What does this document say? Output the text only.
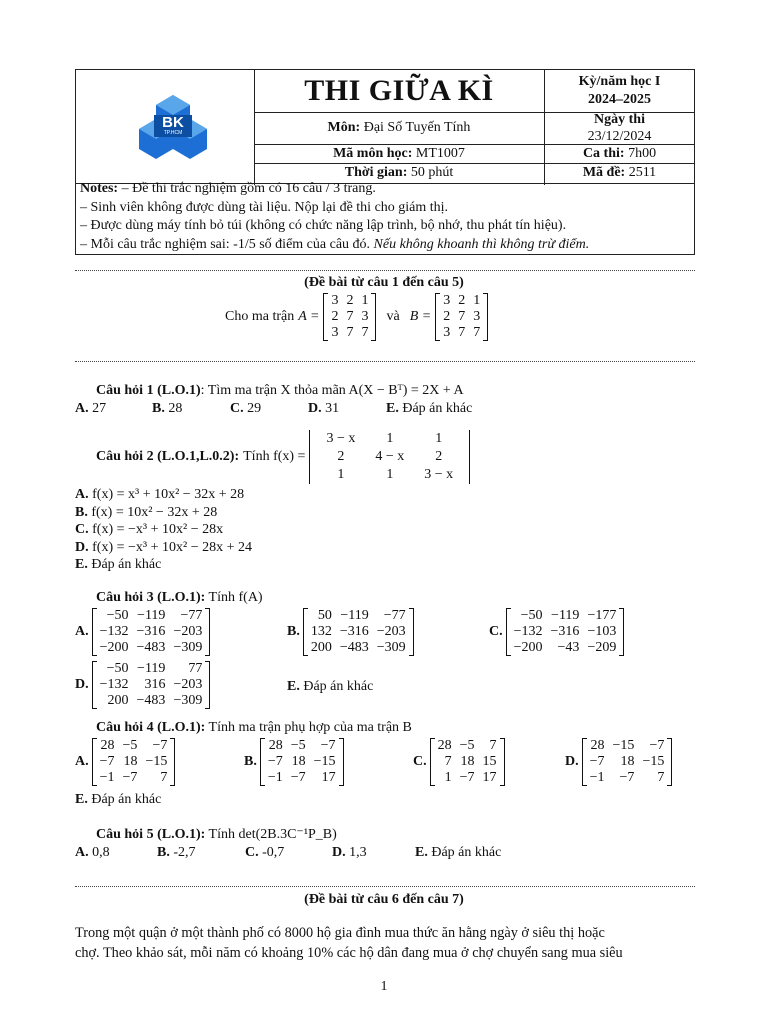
BK
TP.HCM
THI GIỮA KÌ	Kỳ/năm học I
2024–2025
Môn:
Đại Số Tuyến Tính
Ngày thi
23/12/2024
Mã môn học:
MT1007	Ca thi:
7h00
Thời gian:
50 phút	Mã đề:
2511
Notes: – Đề thi trắc nghiệm gồm có 16 câu / 3 trang.
– Sinh viên không được dùng tài liệu. Nộp lại đề thi cho giám thị.
– Được dùng máy tính bỏ túi (không có chức năng lập trình, bộ nhớ, thu phát tín hiệu).
– Mỗi câu trắc nghiệm sai: -1/5 số điểm của câu đó. Nếu không khoanh thì không trừ điểm.
(Đề bài từ câu 1 đến câu 5)
Cho ma trận A =
3 2 1
2 7 3
3 7 7
và B =
3 2 1
2 7 3
3 7 7
Câu hỏi 1 (L.O.1): Tìm ma trận X thỏa mãn A(X − Bᵀ) = 2X + A
A. 27	B. 28	C. 29	D. 31	E. Đáp án khác
Câu hỏi 2 (L.O.1,L.0.2): Tính f(x) =
3 − x	1	1
2	4 − x	2
1	1	3 − x
A. f(x) = x³ + 10x² − 32x + 28
B. f(x) = 10x² − 32x + 28
C. f(x) = −x³ + 10x² − 28x
D. f(x) = −x³ + 10x² − 28x + 24
E. Đáp án khác
Câu hỏi 3 (L.O.1): Tính f(A)
A.
−50 −119	−77
−132 −316 −203
−200 −483 −309
B.
50 −119	−77
132 −316 −203
200 −483 −309
C.
−50 −119 −177
−132 −316 −103
−200	−43 −209
D.
−50 −119	77
−132	316 −203
200 −483 −309
E. Đáp án khác
Câu hỏi 4 (L.O.1): Tính ma trận phụ hợp của ma trận B
A.
28 −5	−7
−7 18 −15
−1 −7	7
B.
28 −5	−7
−7 18 −15
−1 −7	17
C.
28 −5	7
7 18 15
1 −7 17
D.
28 −15	−7
−7	18 −15
−1	−7	7
E. Đáp án khác
Câu hỏi 5 (L.O.1): Tính det(2B.3C⁻¹P_B)
A. 0,8	B. -2,7	C. -0,7	D. 1,3	E. Đáp án khác
(Đề bài từ câu 6 đến câu 7)
Trong một quận ở một thành phố có 8000 hộ gia đình mua thức ăn hằng ngày ở siêu thị hoặc
chợ. Theo khảo sát, mỗi năm có khoảng 10% các hộ dân đang mua ở chợ chuyển sang mua siêu
1
